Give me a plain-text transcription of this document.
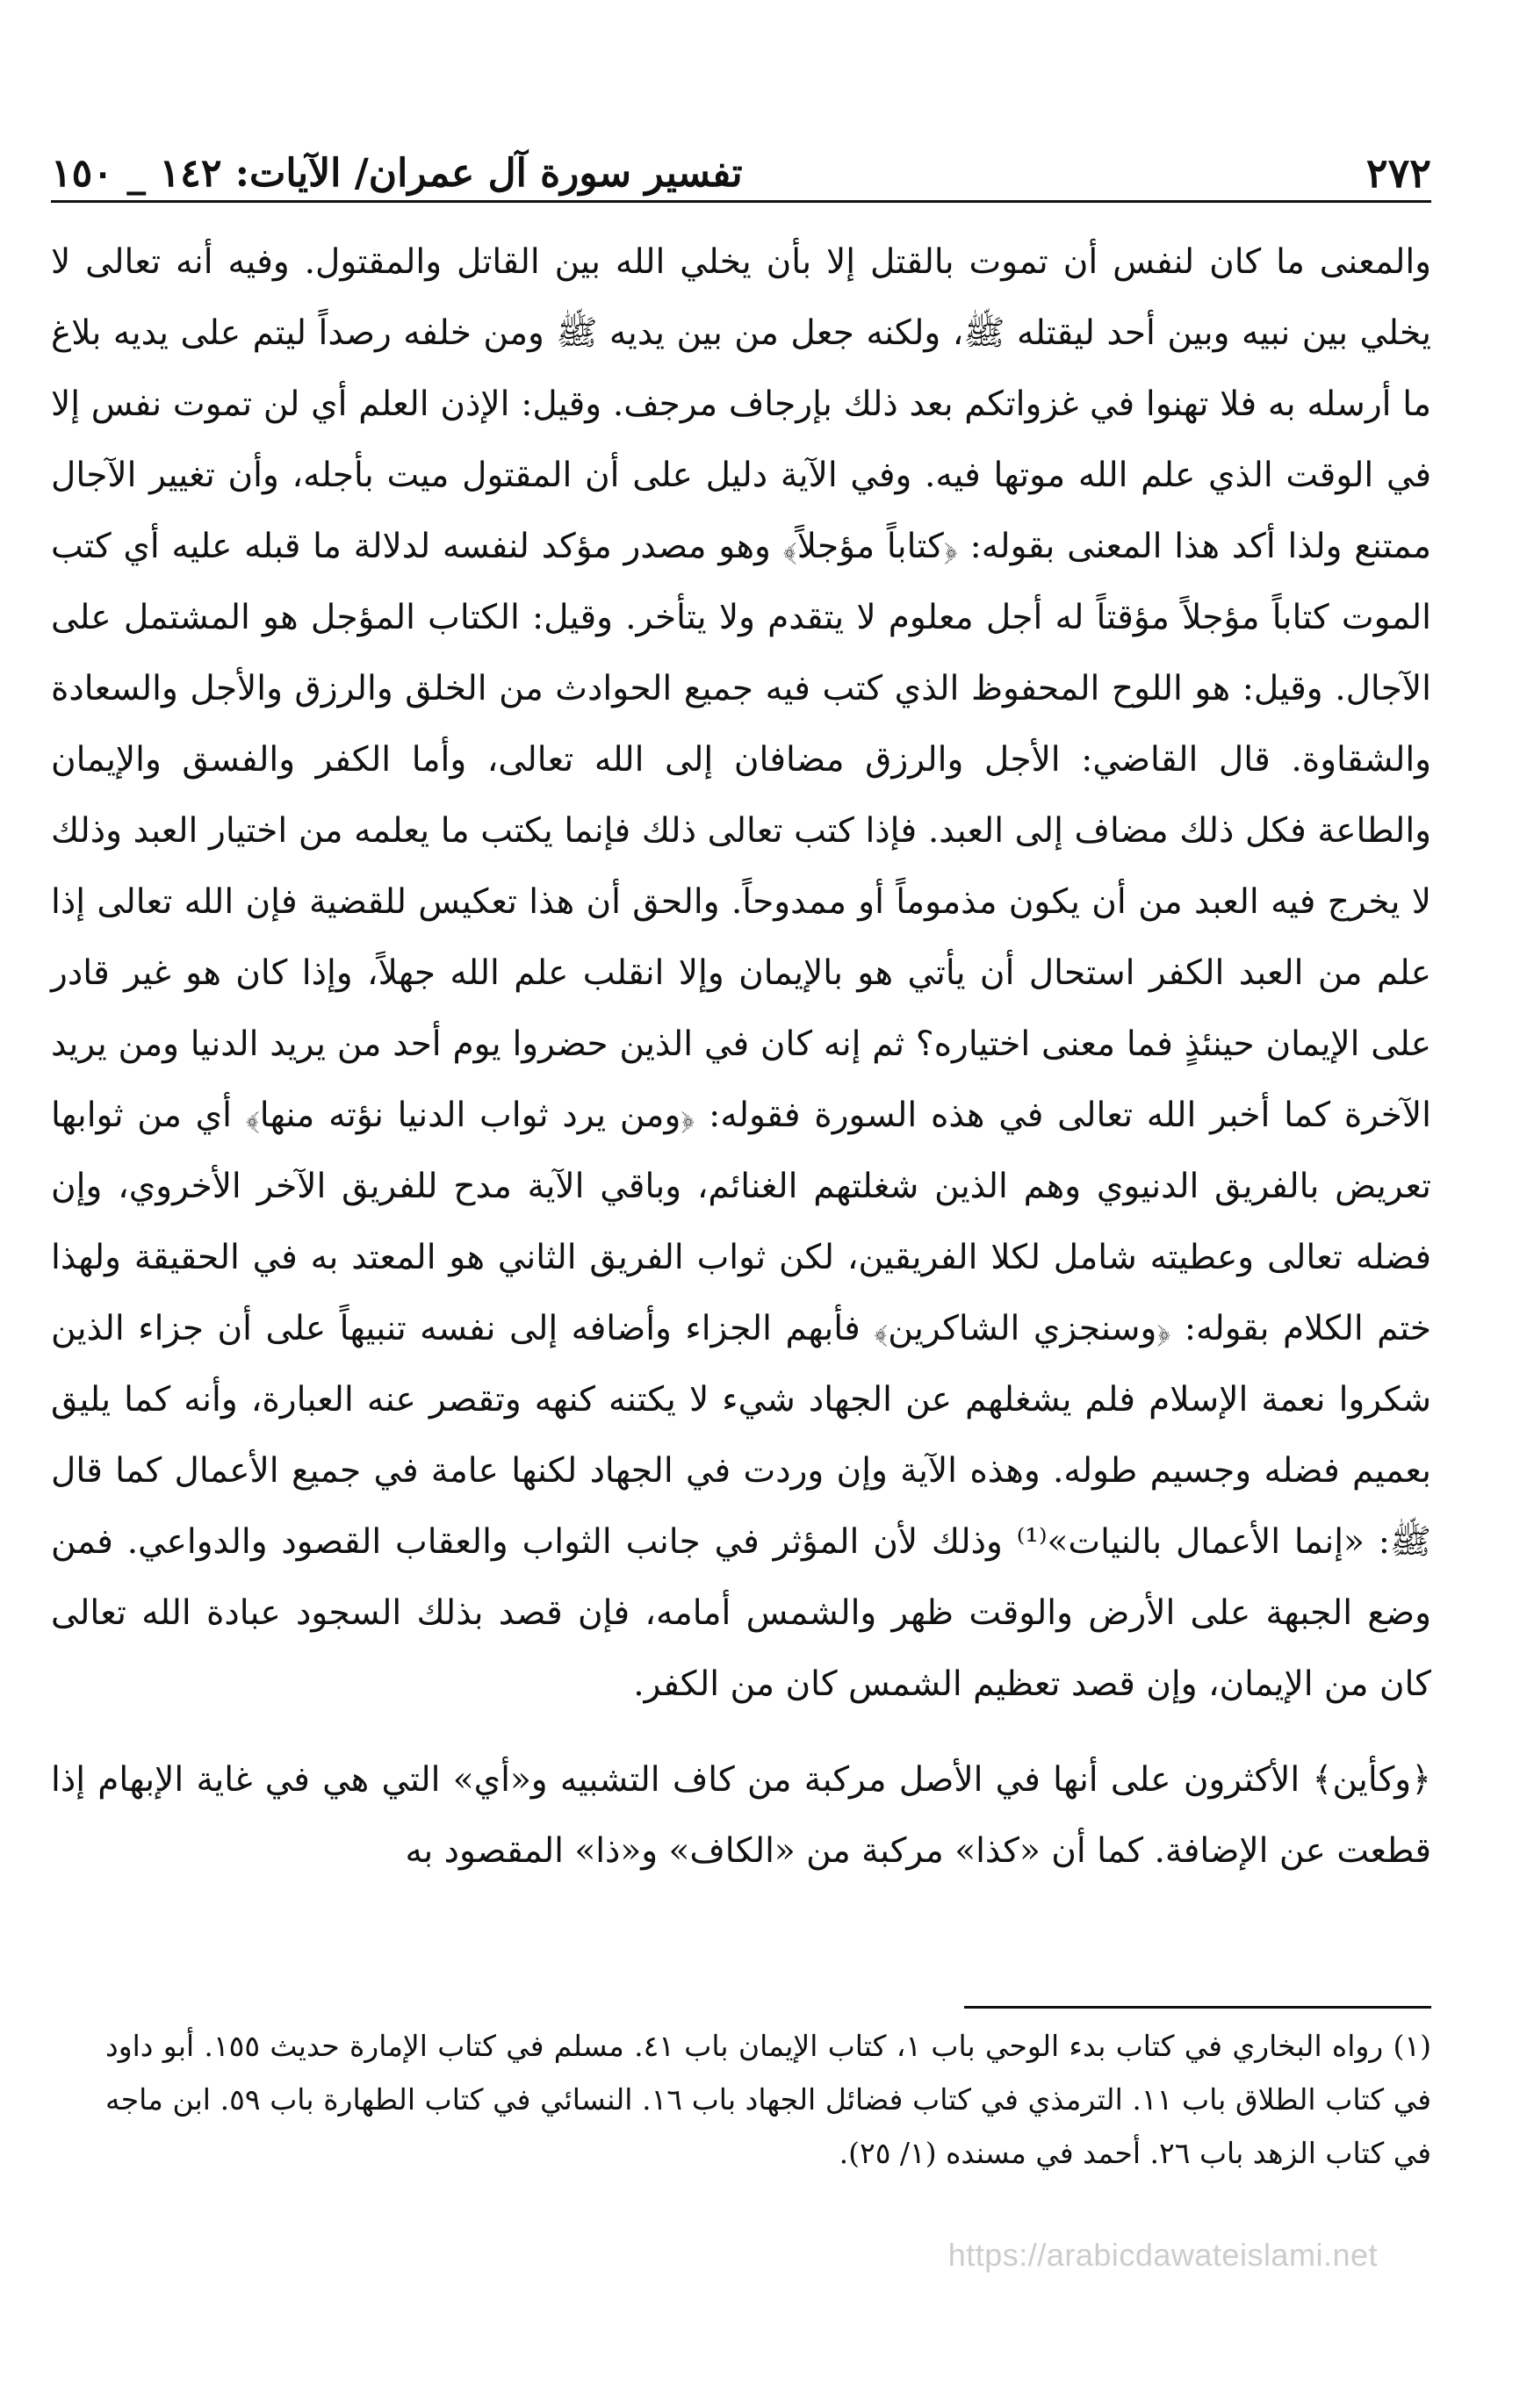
٢٧٢
تفسير سورة آل عمران/ الآيات: ١٤٢ _ ١٥٠

والمعنى ما كان لنفس أن تموت بالقتل إلا بأن يخلي الله بين القاتل والمقتول. وفيه أنه تعالى لا يخلي بين نبيه وبين أحد ليقتله ﷺ، ولكنه جعل من بين يديه ﷺ ومن خلفه رصداً ليتم على يديه بلاغ ما أرسله به فلا تهنوا في غزواتكم بعد ذلك بإرجاف مرجف. وقيل: الإذن العلم أي لن تموت نفس إلا في الوقت الذي علم الله موتها فيه. وفي الآية دليل على أن المقتول ميت بأجله، وأن تغيير الآجال ممتنع ولذا أكد هذا المعنى بقوله: ﴿كتاباً مؤجلاً﴾ وهو مصدر مؤكد لنفسه لدلالة ما قبله عليه أي كتب الموت كتاباً مؤجلاً مؤقتاً له أجل معلوم لا يتقدم ولا يتأخر. وقيل: الكتاب المؤجل هو المشتمل على الآجال. وقيل: هو اللوح المحفوظ الذي كتب فيه جميع الحوادث من الخلق والرزق والأجل والسعادة والشقاوة. قال القاضي: الأجل والرزق مضافان إلى الله تعالى، وأما الكفر والفسق والإيمان والطاعة فكل ذلك مضاف إلى العبد. فإذا كتب تعالى ذلك فإنما يكتب ما يعلمه من اختيار العبد وذلك لا يخرج فيه العبد من أن يكون مذموماً أو ممدوحاً. والحق أن هذا تعكيس للقضية فإن الله تعالى إذا علم من العبد الكفر استحال أن يأتي هو بالإيمان وإلا انقلب علم الله جهلاً، وإذا كان هو غير قادر على الإيمان حينئذٍ فما معنى اختياره؟ ثم إنه كان في الذين حضروا يوم أحد من يريد الدنيا ومن يريد الآخرة كما أخبر الله تعالى في هذه السورة فقوله: ﴿ومن يرد ثواب الدنيا نؤته منها﴾ أي من ثوابها تعريض بالفريق الدنيوي وهم الذين شغلتهم الغنائم، وباقي الآية مدح للفريق الآخر الأخروي، وإن فضله تعالى وعطيته شامل لكلا الفريقين، لكن ثواب الفريق الثاني هو المعتد به في الحقيقة ولهذا ختم الكلام بقوله: ﴿وسنجزي الشاكرين﴾ فأبهم الجزاء وأضافه إلى نفسه تنبيهاً على أن جزاء الذين شكروا نعمة الإسلام فلم يشغلهم عن الجهاد شيء لا يكتنه كنهه وتقصر عنه العبارة، وأنه كما يليق بعميم فضله وجسيم طوله. وهذه الآية وإن وردت في الجهاد لكنها عامة في جميع الأعمال كما قال ﷺ: «إنما الأعمال بالنيات»⁽¹⁾ وذلك لأن المؤثر في جانب الثواب والعقاب القصود والدواعي. فمن وضع الجبهة على الأرض والوقت ظهر والشمس أمامه، فإن قصد بذلك السجود عبادة الله تعالى كان من الإيمان، وإن قصد تعظيم الشمس كان من الكفر.

﴿وكأين﴾ الأكثرون على أنها في الأصل مركبة من كاف التشبيه و«أي» التي هي في غاية الإبهام إذا قطعت عن الإضافة. كما أن «كذا» مركبة من «الكاف» و«ذا» المقصود به

(١) رواه البخاري في كتاب بدء الوحي باب ١، كتاب الإيمان باب ٤١. مسلم في كتاب الإمارة حديث ١٥٥. أبو داود في كتاب الطلاق باب ١١. الترمذي في كتاب فضائل الجهاد باب ١٦. النسائي في كتاب الطهارة باب ٥٩. ابن ماجه في كتاب الزهد باب ٢٦. أحمد في مسنده (١/ ٢٥).

https://arabicdawateislami.net
